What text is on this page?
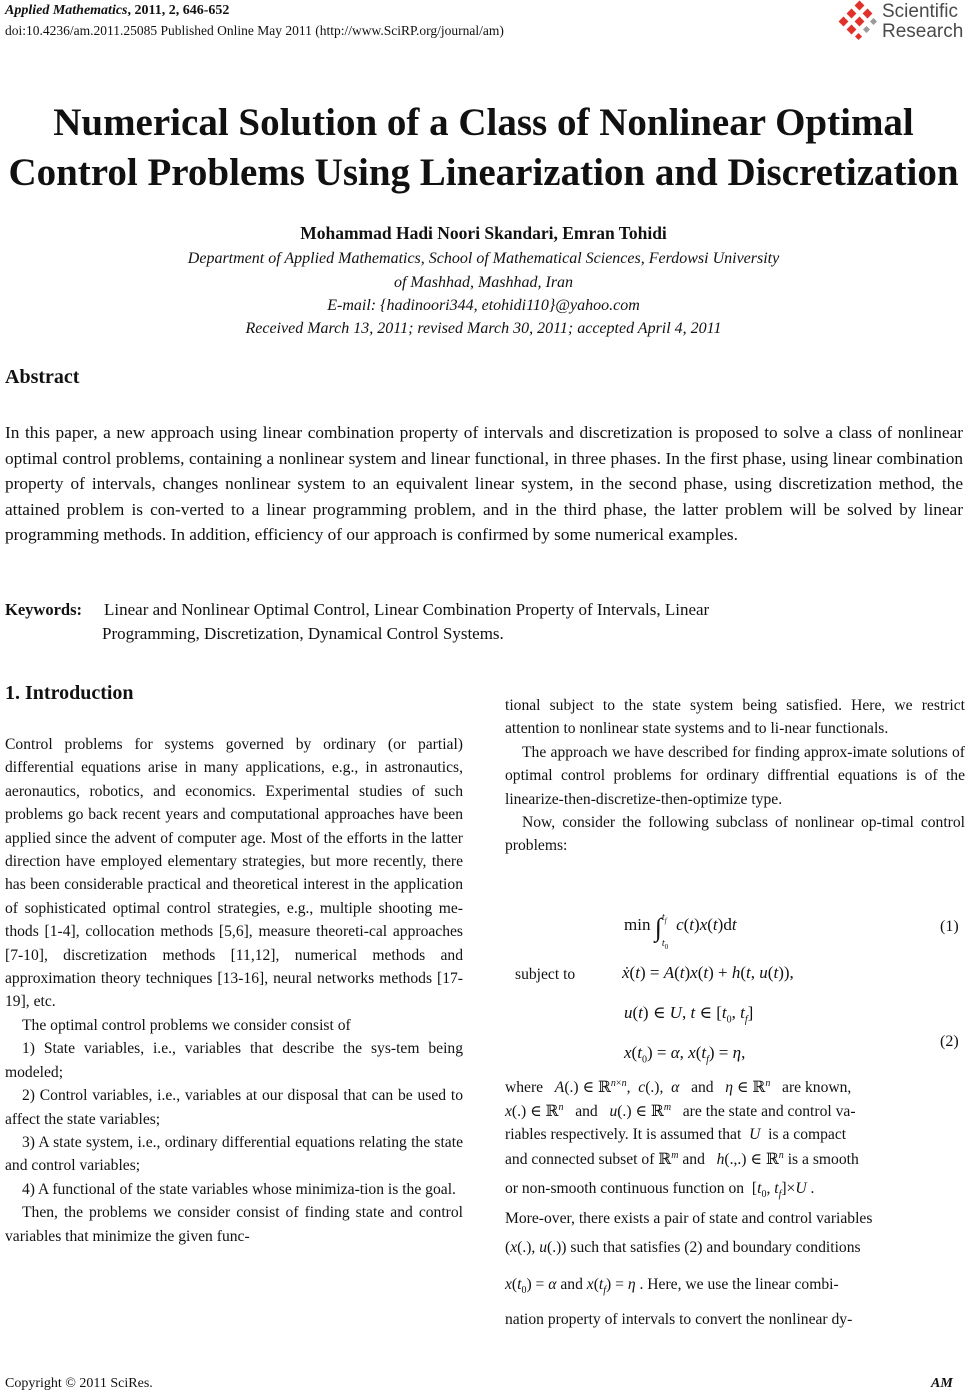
Applied Mathematics, 2011, 2, 646-652
doi:10.4236/am.2011.25085 Published Online May 2011 (http://www.SciRP.org/journal/am)
Scientific
Research
Numerical Solution of a Class of Nonlinear Optimal
Control Problems Using Linearization and Discretization
Mohammad Hadi Noori Skandari, Emran Tohidi
Department of Applied Mathematics, School of Mathematical Sciences, Ferdowsi University
of Mashhad, Mashhad, Iran
E-mail: {hadinoori344, etohidi110}@yahoo.com
Received March 13, 2011; revised March 30, 2011; accepted April 4, 2011
Abstract
In this paper, a new approach using linear combination property of intervals and discretization is proposed to solve a class of nonlinear optimal control problems, containing a nonlinear system and linear functional, in three phases. In the first phase, using linear combination property of intervals, changes nonlinear system to an equivalent linear system, in the second phase, using discretization method, the attained problem is con-verted to a linear programming problem, and in the third phase, the latter problem will be solved by linear programming methods. In addition, efficiency of our approach is confirmed by some numerical examples.
Keywords: Linear and Nonlinear Optimal Control, Linear Combination Property of Intervals, Linear
Programming, Discretization, Dynamical Control Systems.
1. Introduction

Control problems for systems governed by ordinary (or partial) differential equations arise in many applications, e.g., in astronautics, aeronautics, robotics, and economics. Experimental studies of such problems go back recent years and computational approaches have been applied since the advent of computer age. Most of the efforts in the latter direction have employed elementary strategies, but more recently, there has been considerable practical and theoretical interest in the application of sophisticated optimal control strategies, e.g., multiple shooting me-thods [1-4], collocation methods [5,6], measure theoreti-cal approaches [7-10], discretization methods [11,12], numerical methods and approximation theory techniques [13-16], neural networks methods [17-19], etc.

The optimal control problems we consider consist of

1) State variables, i.e., variables that describe the sys-tem being modeled;

2) Control variables, i.e., variables at our disposal that can be used to affect the state variables;

3) A state system, i.e., ordinary differential equations relating the state and control variables;

4) A functional of the state variables whose minimiza-tion is the goal.

Then, the problems we consider consist of finding state and control variables that minimize the given func-

tional subject to the state system being satisfied. Here, we restrict attention to nonlinear state systems and to li-near functionals.

The approach we have described for finding approx-imate solutions of optimal control problems for ordinary diffrential equations is of the linearize-then-discretize-then-optimize type.

Now, consider the following subclass of nonlinear op-timal control problems:

min ∫ $t_f$
$t_0$
c(t)x(t)dt	(1)
subject to	ẋ(t) = A(t)x(t) + h(t, u(t)),
u(t) ∈ U, t ∈ [$t_0$, $t_f$]
(2)
$x(t_0) = \alpha$, $x(t_f) = \eta$,
where A(.) ∈ ℝ$^{n\times n}$,  c(.),  α and η ∈ ℝ$^n$ are known,
x(.) ∈ ℝ$^n$ and u(.) ∈ ℝ$^m$ are the state and control va-
riables respectively. It is assumed that U is a compact
and connected subset of ℝ$^m$ and h(.,.) ∈ ℝ$^n$ is a smooth
or non-smooth continuous function on  [$t_0$, $t_f]\times U$ .
More-over, there exists a pair of state and control variables
(x(.), u(.)) such that satisfies (2) and boundary conditions
$x(t_0) = \alpha$ and $x(t_f) = \eta$ . Here, we use the linear combi-
nation property of intervals to convert the nonlinear dy-
Copyright © 2011 SciRes.	AM
